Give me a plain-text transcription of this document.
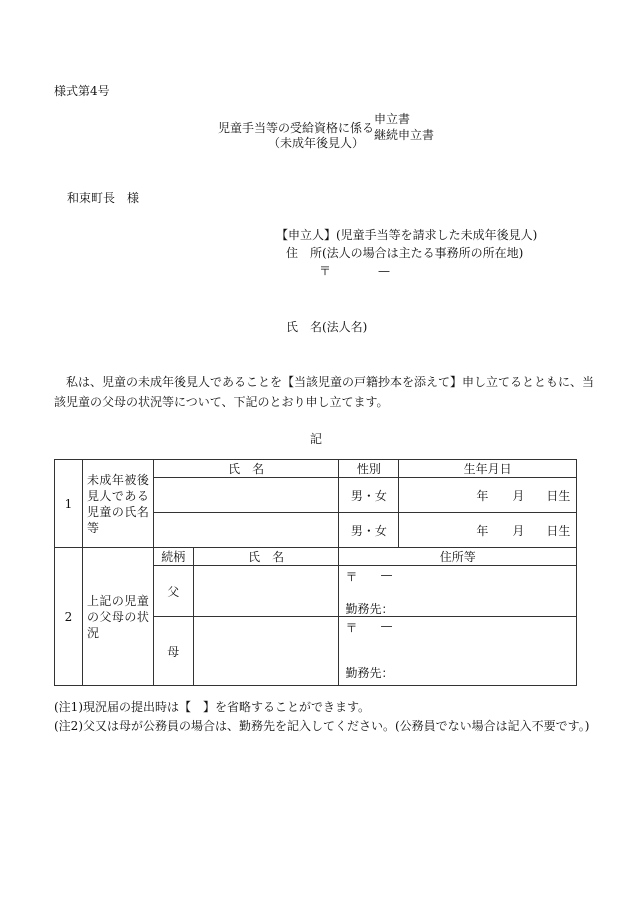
様式第4号
児童手当等の受給資格に係る
（未成年後見人）
申立書
継続申立書
和束町長　様
【申立人】(児童手当等を請求した未成年後見人)
住　所(法人の場合は主たる事務所の所在地)
〒	—
氏　名(法人名)
私は、児童の未成年後見人であることを【当該児童の戸籍抄本を添えて】申し立てるとともに、当
該児童の父母の状況等について、下記のとおり申し立てます。
記
1	未成年被後見人である児童の氏名等	氏　名		性別	生年月日
				男・女	年 月 日生

				男・女	年 月 日生

2	上記の児童の父母の状況	続柄	氏　名	住所等	
		父		〒 —
勤務先：	

		母		〒 —
勤務先：	
(注1)現況届の提出時は【　】を省略することができます。
(注2)父又は母が公務員の場合は、勤務先を記入してください。(公務員でない場合は記入不要です。)
